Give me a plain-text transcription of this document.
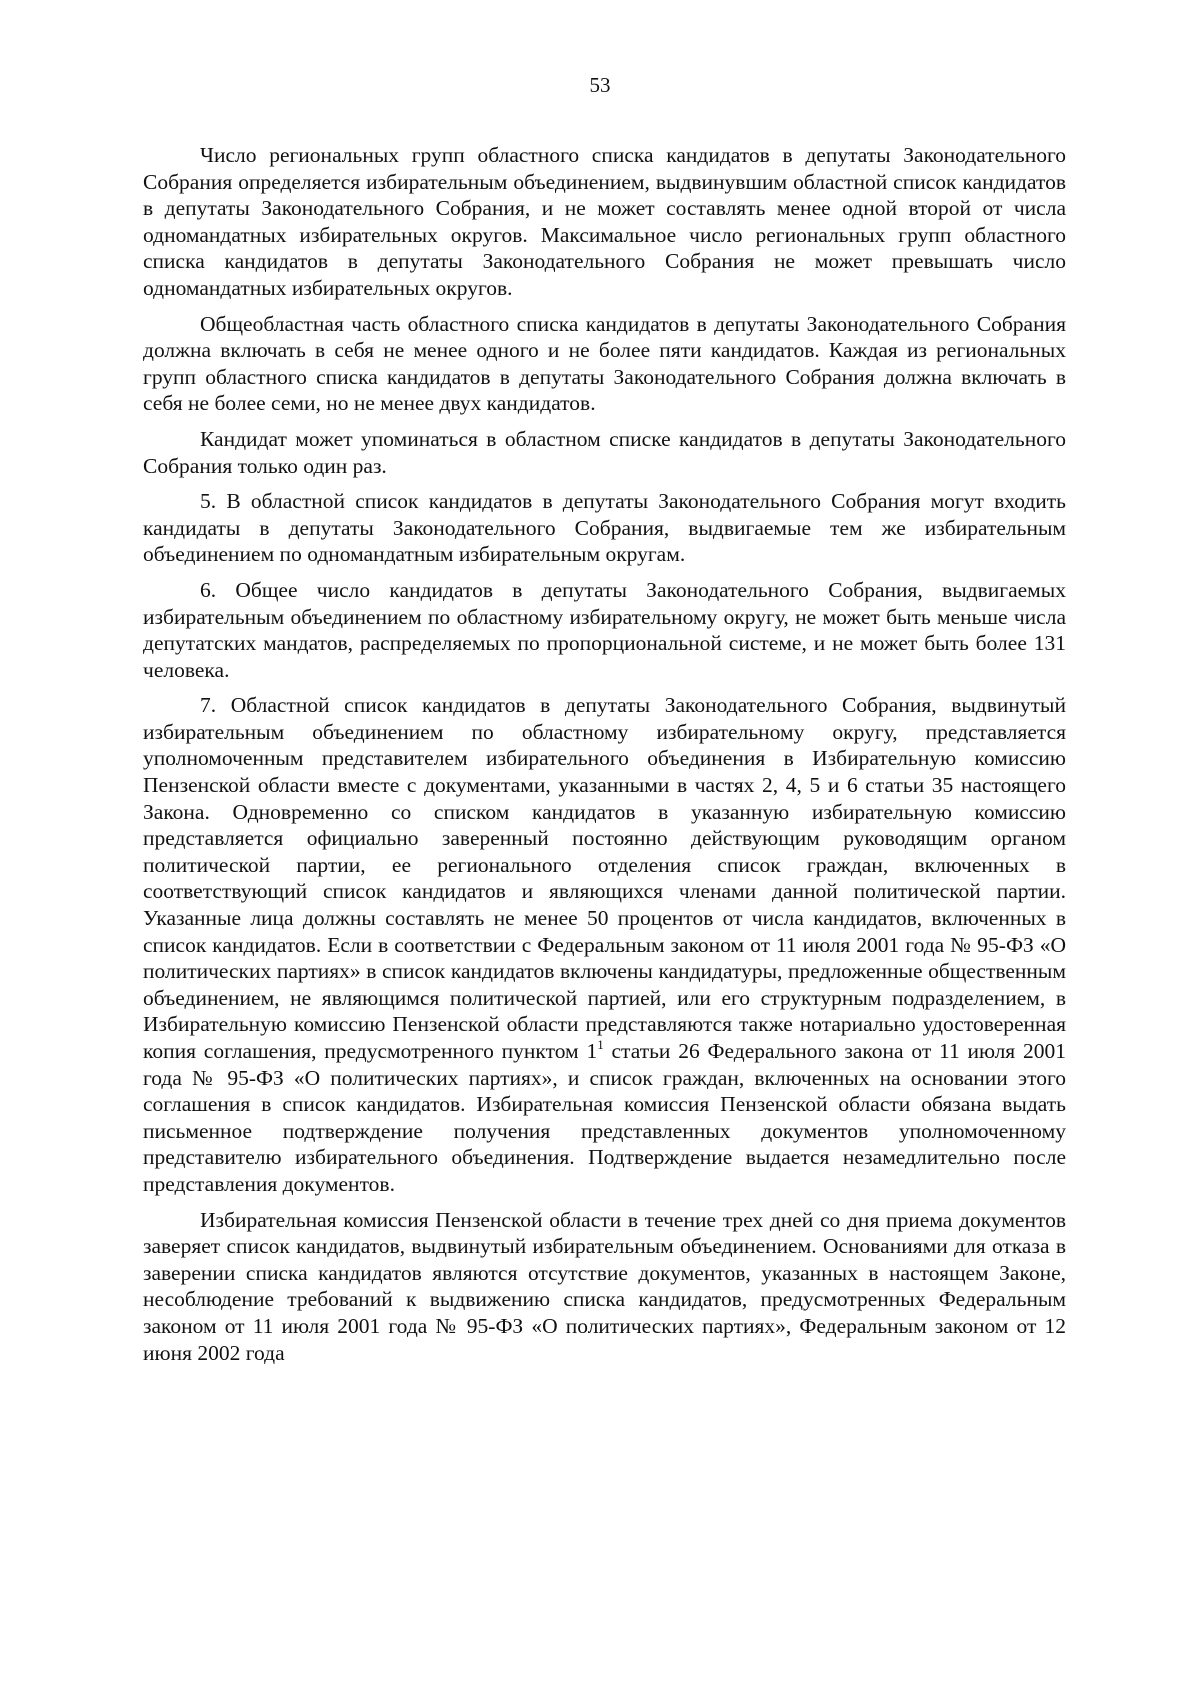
53

Число региональных групп областного списка кандидатов в депутаты Законодательного Собрания определяется избирательным объединением, выдвинувшим областной список кандидатов в депутаты Законодательного Собрания, и не может составлять менее одной второй от числа одномандатных избирательных округов. Максимальное число региональных групп областного списка кандидатов в депутаты Законодательного Собрания не может превышать число одномандатных избирательных округов.

Общеобластная часть областного списка кандидатов в депутаты Законодательного Собрания должна включать в себя не менее одного и не более пяти кандидатов. Каждая из региональных групп областного списка кандидатов в депутаты Законодательного Собрания должна включать в себя не более семи, но не менее двух кандидатов.

Кандидат может упоминаться в областном списке кандидатов в депутаты Законодательного Собрания только один раз.

5. В областной список кандидатов в депутаты Законодательного Собрания могут входить кандидаты в депутаты Законодательного Собрания, выдвигаемые тем же избирательным объединением по одномандатным избирательным округам.

6. Общее число кандидатов в депутаты Законодательного Собрания, выдвигаемых избирательным объединением по областному избирательному округу, не может быть меньше числа депутатских мандатов, распределяемых по пропорциональной системе, и не может быть более 131 человека.

7. Областной список кандидатов в депутаты Законодательного Собрания, выдвинутый избирательным объединением по областному избирательному округу, представляется уполномоченным представителем избирательного объединения в Избирательную комиссию Пензенской области вместе с документами, указанными в частях 2, 4, 5 и 6 статьи 35 настоящего Закона. Одновременно со списком кандидатов в указанную избирательную комиссию представляется официально заверенный постоянно действующим руководящим органом политической партии, ее регионального отделения список граждан, включенных в соответствующий список кандидатов и являющихся членами данной политической партии. Указанные лица должны составлять не менее 50 процентов от числа кандидатов, включенных в список кандидатов. Если в соответствии с Федеральным законом от 11 июля 2001 года № 95-ФЗ «О политических партиях» в список кандидатов включены кандидатуры, предложенные общественным объединением, не являющимся политической партией, или его структурным подразделением, в Избирательную комиссию Пензенской области представляются также нотариально удостоверенная копия соглашения, предусмотренного пунктом $1^1$ статьи 26 Федерального закона от 11 июля 2001 года № 95-ФЗ «О политических партиях», и список граждан, включенных на основании этого соглашения в список кандидатов. Избирательная комиссия Пензенской области обязана выдать письменное подтверждение получения представленных документов уполномоченному представителю избирательного объединения. Подтверждение выдается незамедлительно после представления документов.

Избирательная комиссия Пензенской области в течение трех дней со дня приема документов заверяет список кандидатов, выдвинутый избирательным объединением. Основаниями для отказа в заверении списка кандидатов являются отсутствие документов, указанных в настоящем Законе, несоблюдение требований к выдвижению списка кандидатов, предусмотренных Федеральным законом от 11 июля 2001 года № 95-ФЗ «О политических партиях», Федеральным законом от 12 июня 2002 года
